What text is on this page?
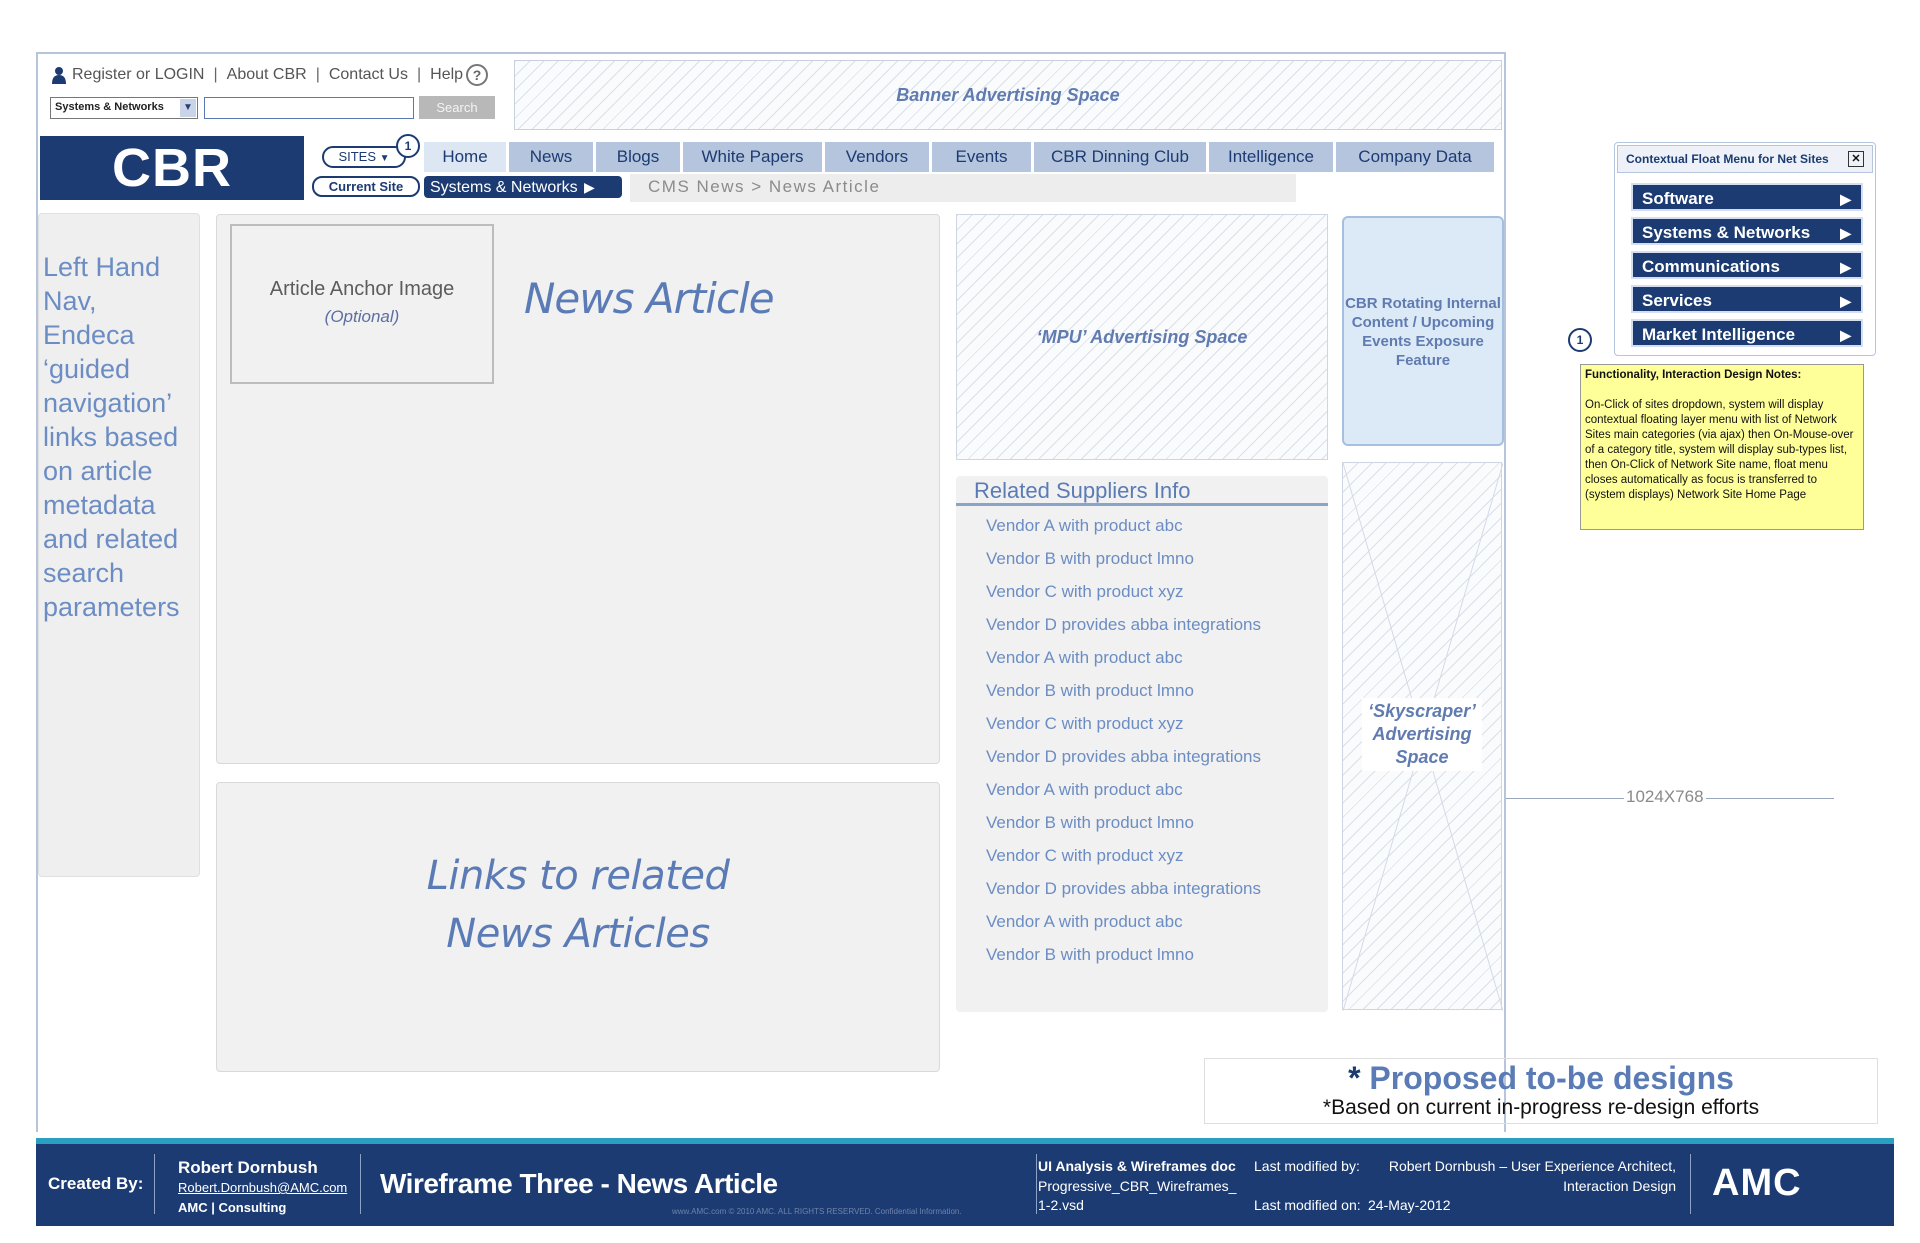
Register or LOGIN | About CBR | Contact Us | Help ?
Systems & Networks	▼	Search
Banner Advertising Space
CBR	SITES ▼
1
Current Site	Systems & Networks ▶
Home	News	Blogs	White Papers	Vendors	Events	CBR Dinning Club	Intelligence	Company Data
CMS News > News Article
Left Hand Nav, Endeca ‘guided navigation’ links based on article metadata and related search parameters
Article Anchor Image
(Optional)	News Article
Links to related
News Articles
‘MPU’ Advertising Space
CBR Rotating Internal Content / Upcoming Events Exposure Feature
Related Suppliers Info
Vendor A with product abc
Vendor B with product lmno
Vendor C with product xyz
Vendor D provides abba integrations
Vendor A with product abc
Vendor B with product lmno
Vendor C with product xyz
Vendor D provides abba integrations
Vendor A with product abc
Vendor B with product lmno
Vendor C with product xyz
Vendor D provides abba integrations
Vendor A with product abc
Vendor B with product lmno
‘Skyscraper’ Advertising Space
1024X768
Contextual Float Menu for Net Sites	✕
Software	▶
Systems & Networks ▶
Communications	▶
Services	▶
Market Intelligence	▶
1
Functionality, Interaction Design Notes:
On-Click of sites dropdown, system will display contextual floating layer menu with list of Network Sites main categories (via ajax) then On-Mouse-over of a category title, system will display sub-types list, then On-Click of Network Site name, float menu closes automatically as focus is transferred to (system displays) Network Site Home Page
* Proposed to-be designs
*Based on current in-progress re-design efforts
Created By:
Robert Dornbush
Robert.Dornbush@AMC.com
AMC | Consulting
Wireframe Three - News Article
www.AMC.com © 2010 AMC. ALL RIGHTS RESERVED. Confidential Information.
UI Analysis & Wireframes doc
Progressive_CBR_Wireframes_
1-2.vsd
Last modified by:	Robert Dornbush – User Experience Architect,
Interaction Design
Last modified on: 24-May-2012
AMC
